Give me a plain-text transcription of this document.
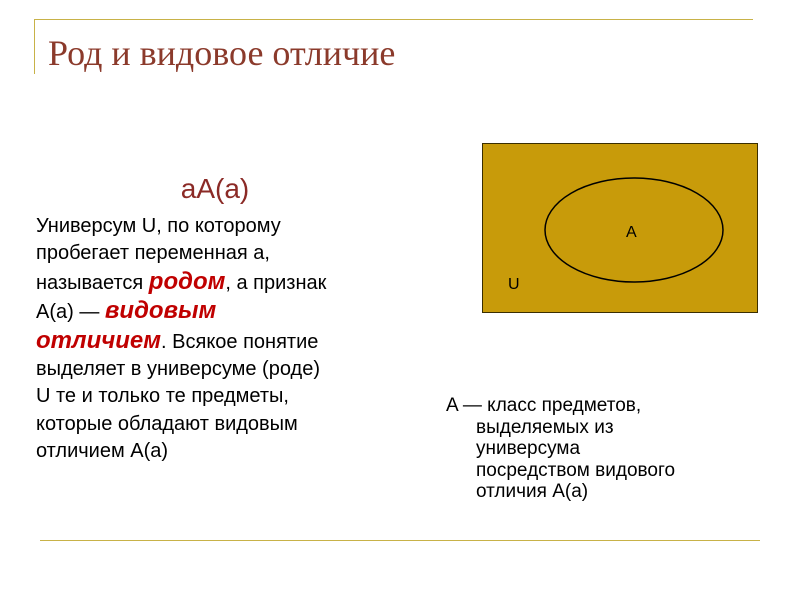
Род и видовое отличие
aA(a)
Универсум U, по которому
пробегает переменная a,
называется родом, а признак
A(a) — видовым
отличием. Всякое понятие
выделяет в универсуме (роде)
U те и только те предметы,
которые обладают видовым
отличием A(a)
A
U
A — класс предметов,
выделяемых из
универсума
посредством видового
отличия A(a)
